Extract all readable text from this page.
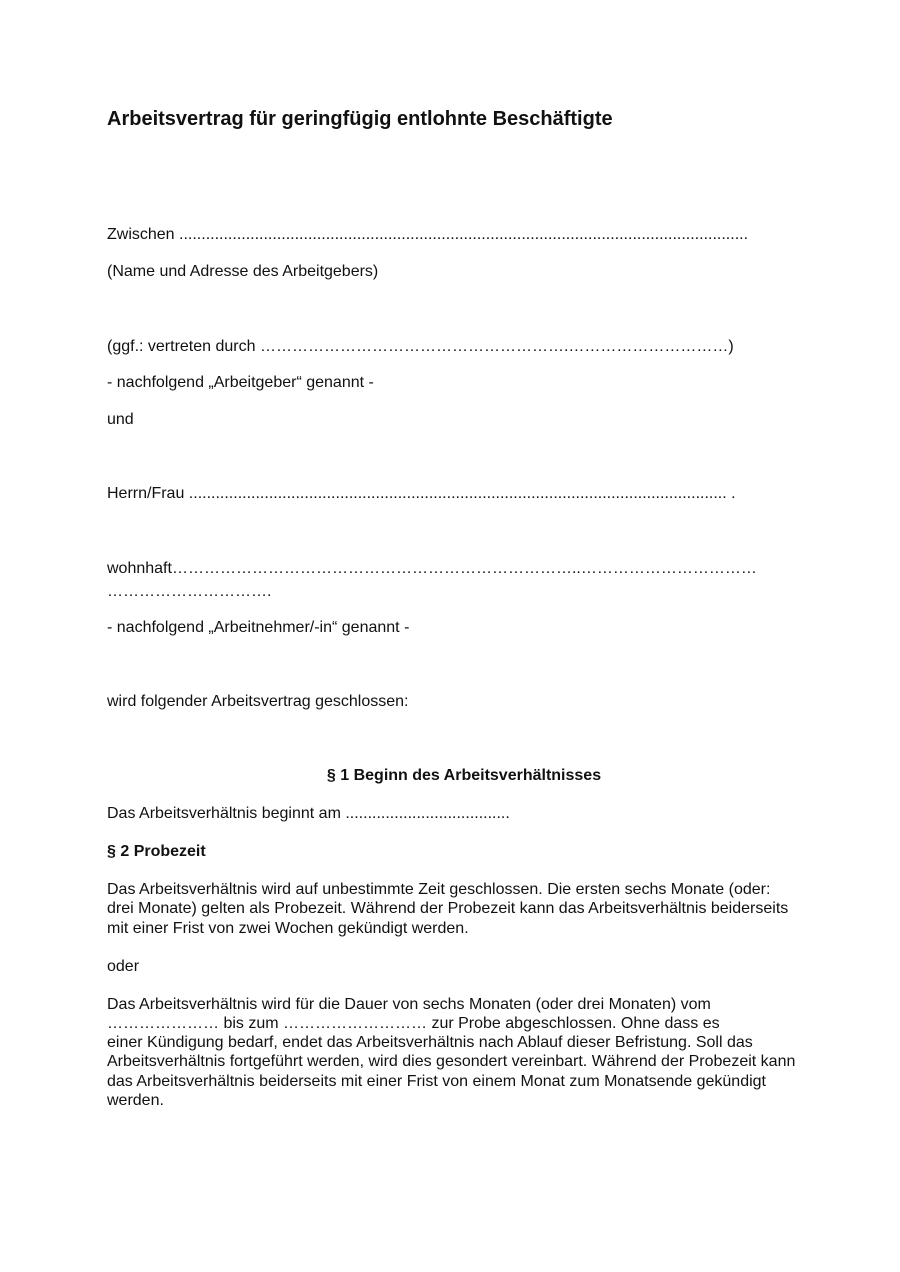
Arbeitsvertrag für geringfügig entlohnte Beschäftigte
Zwischen ................................................................................................................................
(Name und Adresse des Arbeitgebers)
(ggf.: vertreten durch ………………………………………………….…………………………)
- nachfolgend „Arbeitgeber“ genannt -
und
Herrn/Frau ......................................................................................................................... .
wohnhaft…………………………………………………………………..……………………………
………………………….
- nachfolgend „Arbeitnehmer/-in“ genannt -
wird folgender Arbeitsvertrag geschlossen:
§ 1 Beginn des Arbeitsverhältnisses
Das Arbeitsverhältnis beginnt am .....................................
§ 2 Probezeit
Das Arbeitsverhältnis wird auf unbestimmte Zeit geschlossen. Die ersten sechs Monate (oder: drei Monate) gelten als Probezeit. Während der Probezeit kann das Arbeitsverhältnis beiderseits mit einer Frist von zwei Wochen gekündigt werden.
oder
Das Arbeitsverhältnis wird für die Dauer von sechs Monaten (oder drei Monaten) vom
………………… bis zum ……………………… zur Probe abgeschlossen. Ohne dass es
einer Kündigung bedarf, endet das Arbeitsverhältnis nach Ablauf dieser Befristung. Soll das Arbeitsverhältnis fortgeführt werden, wird dies gesondert vereinbart. Während der Probezeit kann das Arbeitsverhältnis beiderseits mit einer Frist von einem Monat zum Monatsende gekündigt werden.
